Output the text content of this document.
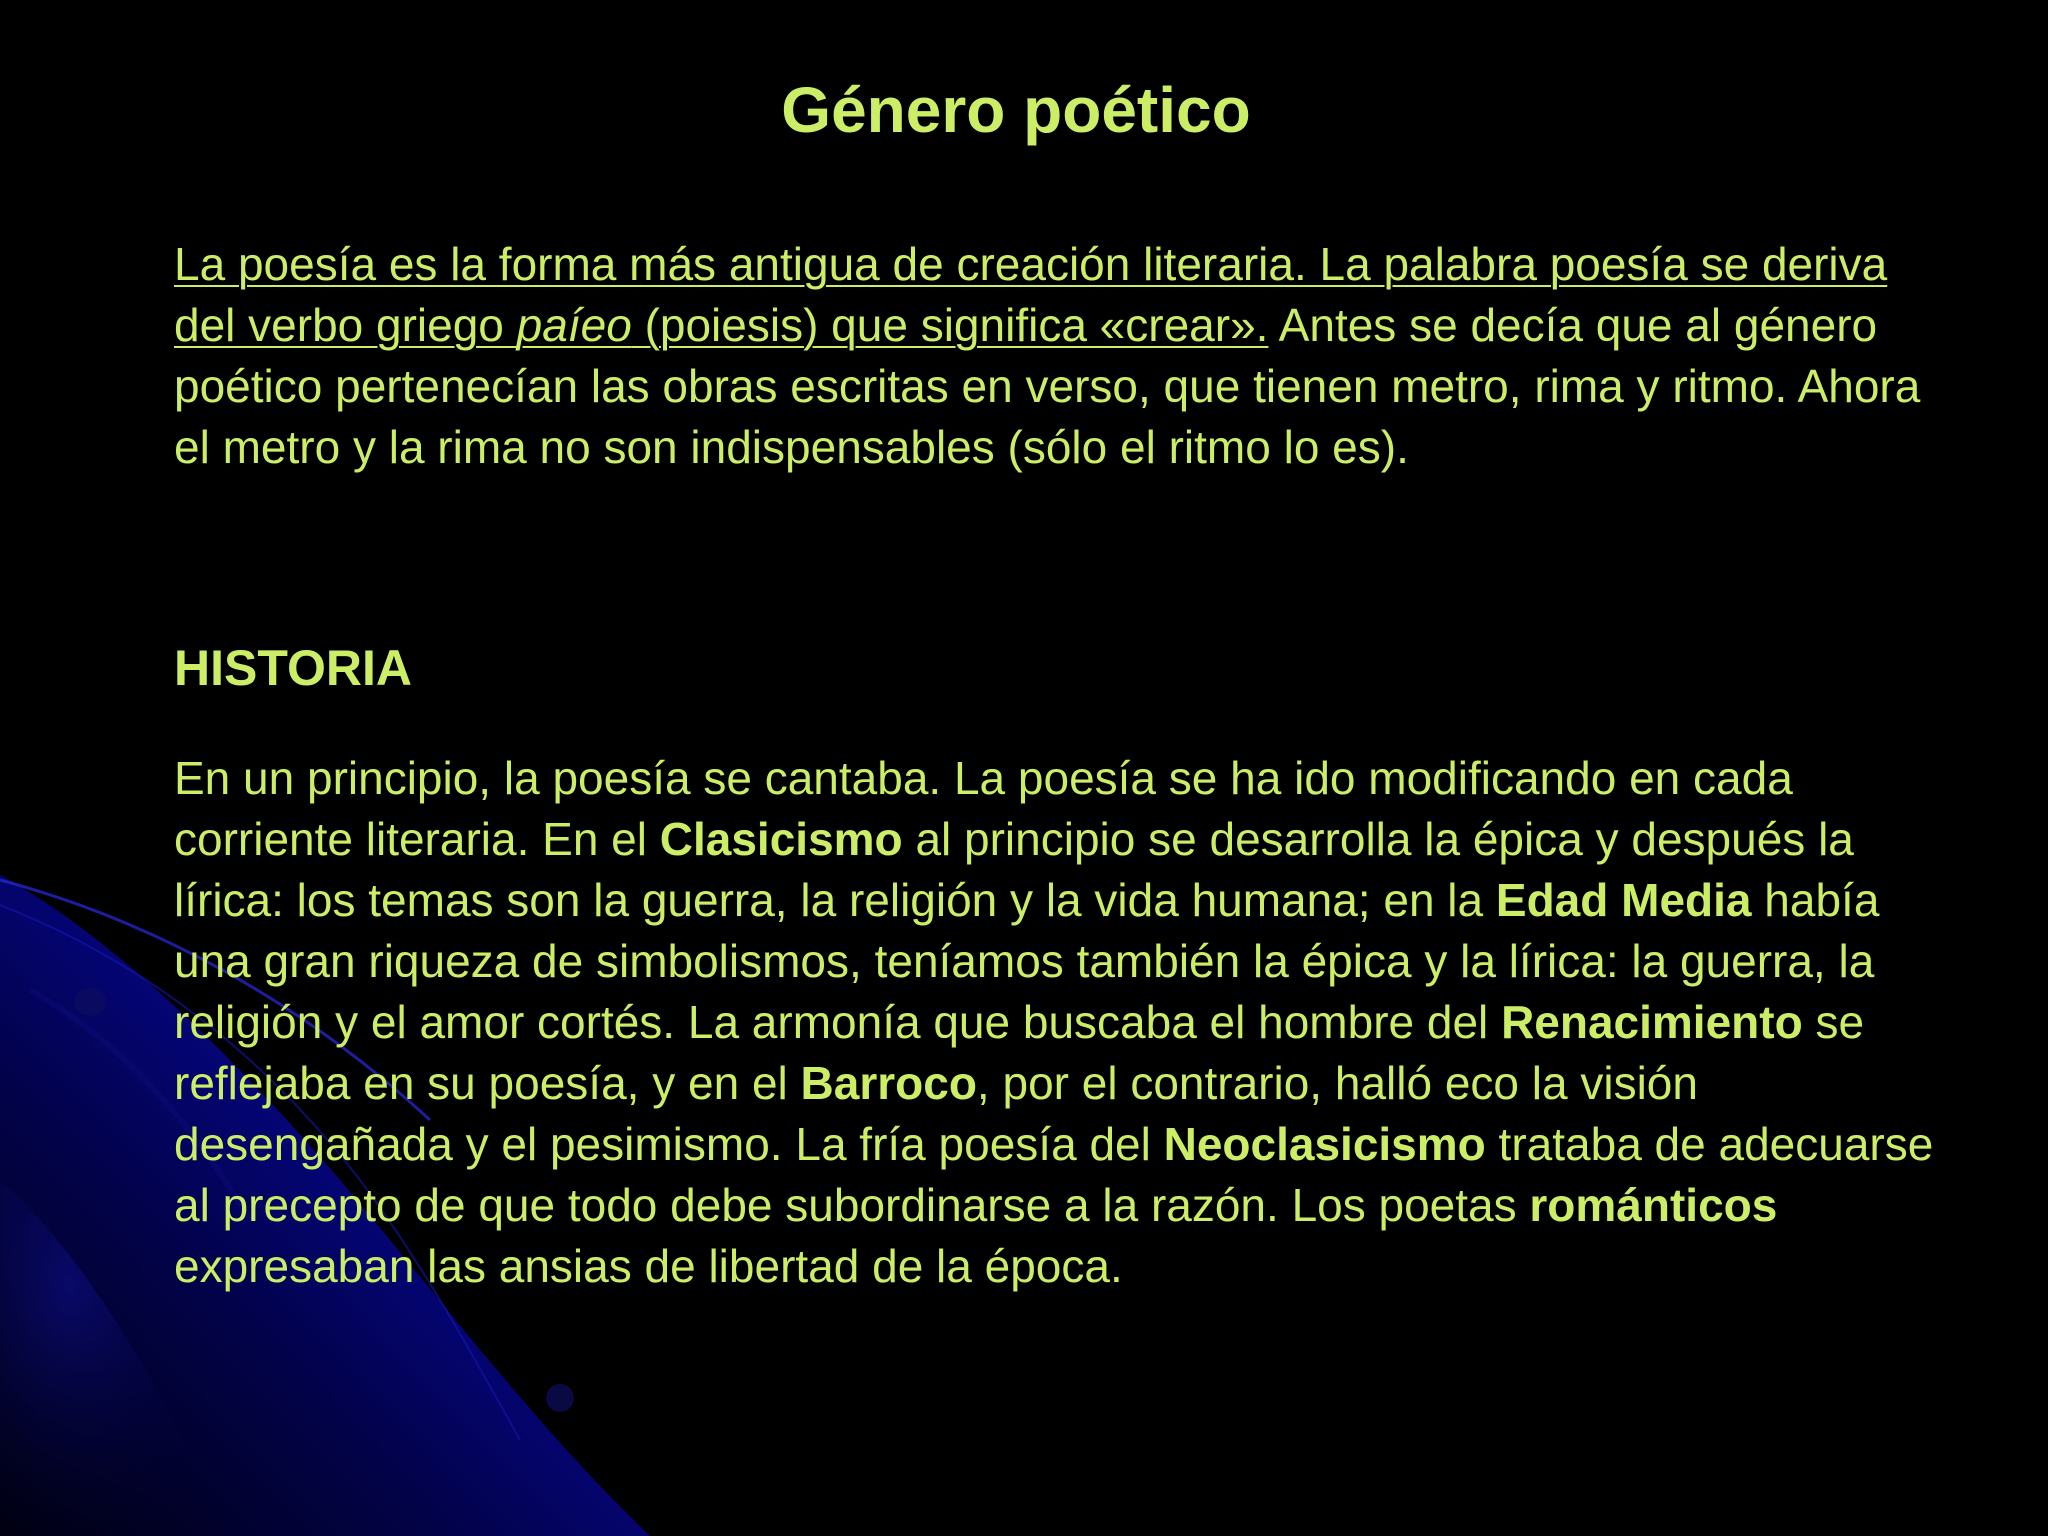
Género poético

La poesía es la forma más antigua de creación literaria. La palabra poesía se deriva del verbo griego paíeo (poiesis) que significa «crear». Antes se decía que al género poético pertenecían las obras escritas en verso, que tienen metro, rima y ritmo. Ahora el metro y la rima no son indispensables (sólo el ritmo lo es).

HISTORIA

En un principio, la poesía se cantaba. La poesía se ha ido modificando en cada corriente literaria. En el Clasicismo al principio se desarrolla la épica y después la lírica: los temas son la guerra, la religión y la vida humana; en la Edad Media había una gran riqueza de simbolismos, teníamos también la épica y la lírica: la guerra, la religión y el amor cortés. La armonía que buscaba el hombre del Renacimiento se reflejaba en su poesía, y en el Barroco, por el contrario, halló eco la visión desengañada y el pesimismo. La fría poesía del Neoclasicismo trataba de adecuarse al precepto de que todo debe subordinarse a la razón. Los poetas románticos expresaban las ansias de libertad de la época.
